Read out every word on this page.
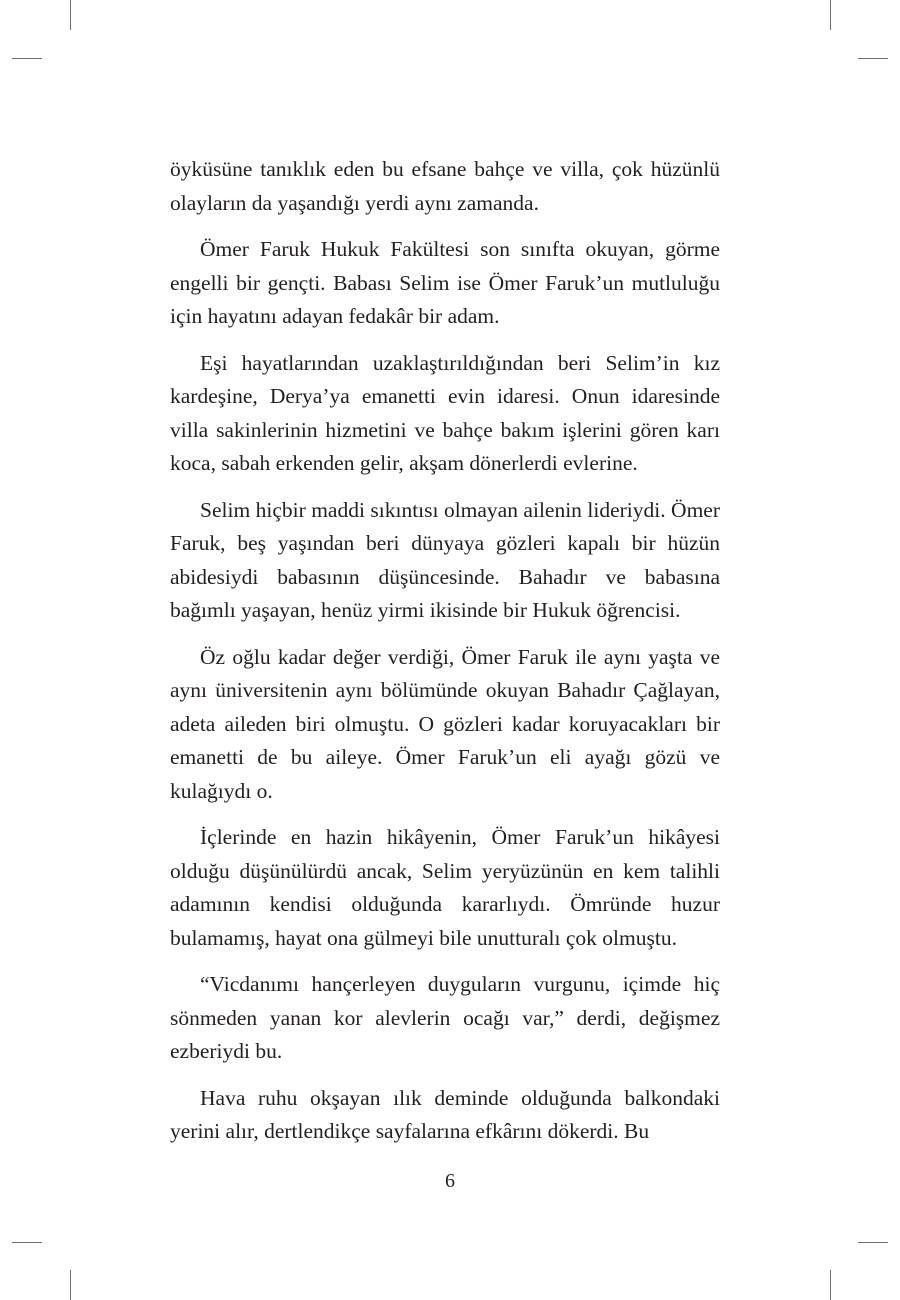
öyküsüne tanıklık eden bu efsane bahçe ve villa, çok hüzünlü olayların da yaşandığı yerdi aynı zamanda.

Ömer Faruk Hukuk Fakültesi son sınıfta okuyan, görme engelli bir gençti. Babası Selim ise Ömer Faruk’un mutluluğu için hayatını adayan fedakâr bir adam.

Eşi hayatlarından uzaklaştırıldığından beri Selim’in kız kardeşine, Derya’ya emanetti evin idaresi. Onun idaresinde villa sakinlerinin hizmetini ve bahçe bakım işlerini gören karı koca, sabah erkenden gelir, akşam dönerlerdi evlerine.

Selim hiçbir maddi sıkıntısı olmayan ailenin lideriydi. Ömer Faruk, beş yaşından beri dünyaya gözleri kapalı bir hüzün abidesiydi babasının düşüncesinde. Bahadır ve babasına bağımlı yaşayan, henüz yirmi ikisinde bir Hukuk öğrencisi.

Öz oğlu kadar değer verdiği, Ömer Faruk ile aynı yaşta ve aynı üniversitenin aynı bölümünde okuyan Bahadır Çağlayan, adeta aileden biri olmuştu. O gözleri kadar koruyacakları bir emanetti de bu aileye. Ömer Faruk’un eli ayağı gözü ve kulağıydı o.

İçlerinde en hazin hikâyenin, Ömer Faruk’un hikâyesi olduğu düşünülürdü ancak, Selim yeryüzünün en kem talihli adamının kendisi olduğunda kararlıydı. Ömründe huzur bulamamış, hayat ona gülmeyi bile unutturalı çok olmuştu.

“Vicdanımı hançerleyen duyguların vurgunu, içimde hiç sönmeden yanan kor alevlerin ocağı var,” derdi, değişmez ezberiydi bu.

Hava ruhu okşayan ılık deminde olduğunda balkondaki yerini alır, dertlendikçe sayfalarına efkârını dökerdi. Bu

6
